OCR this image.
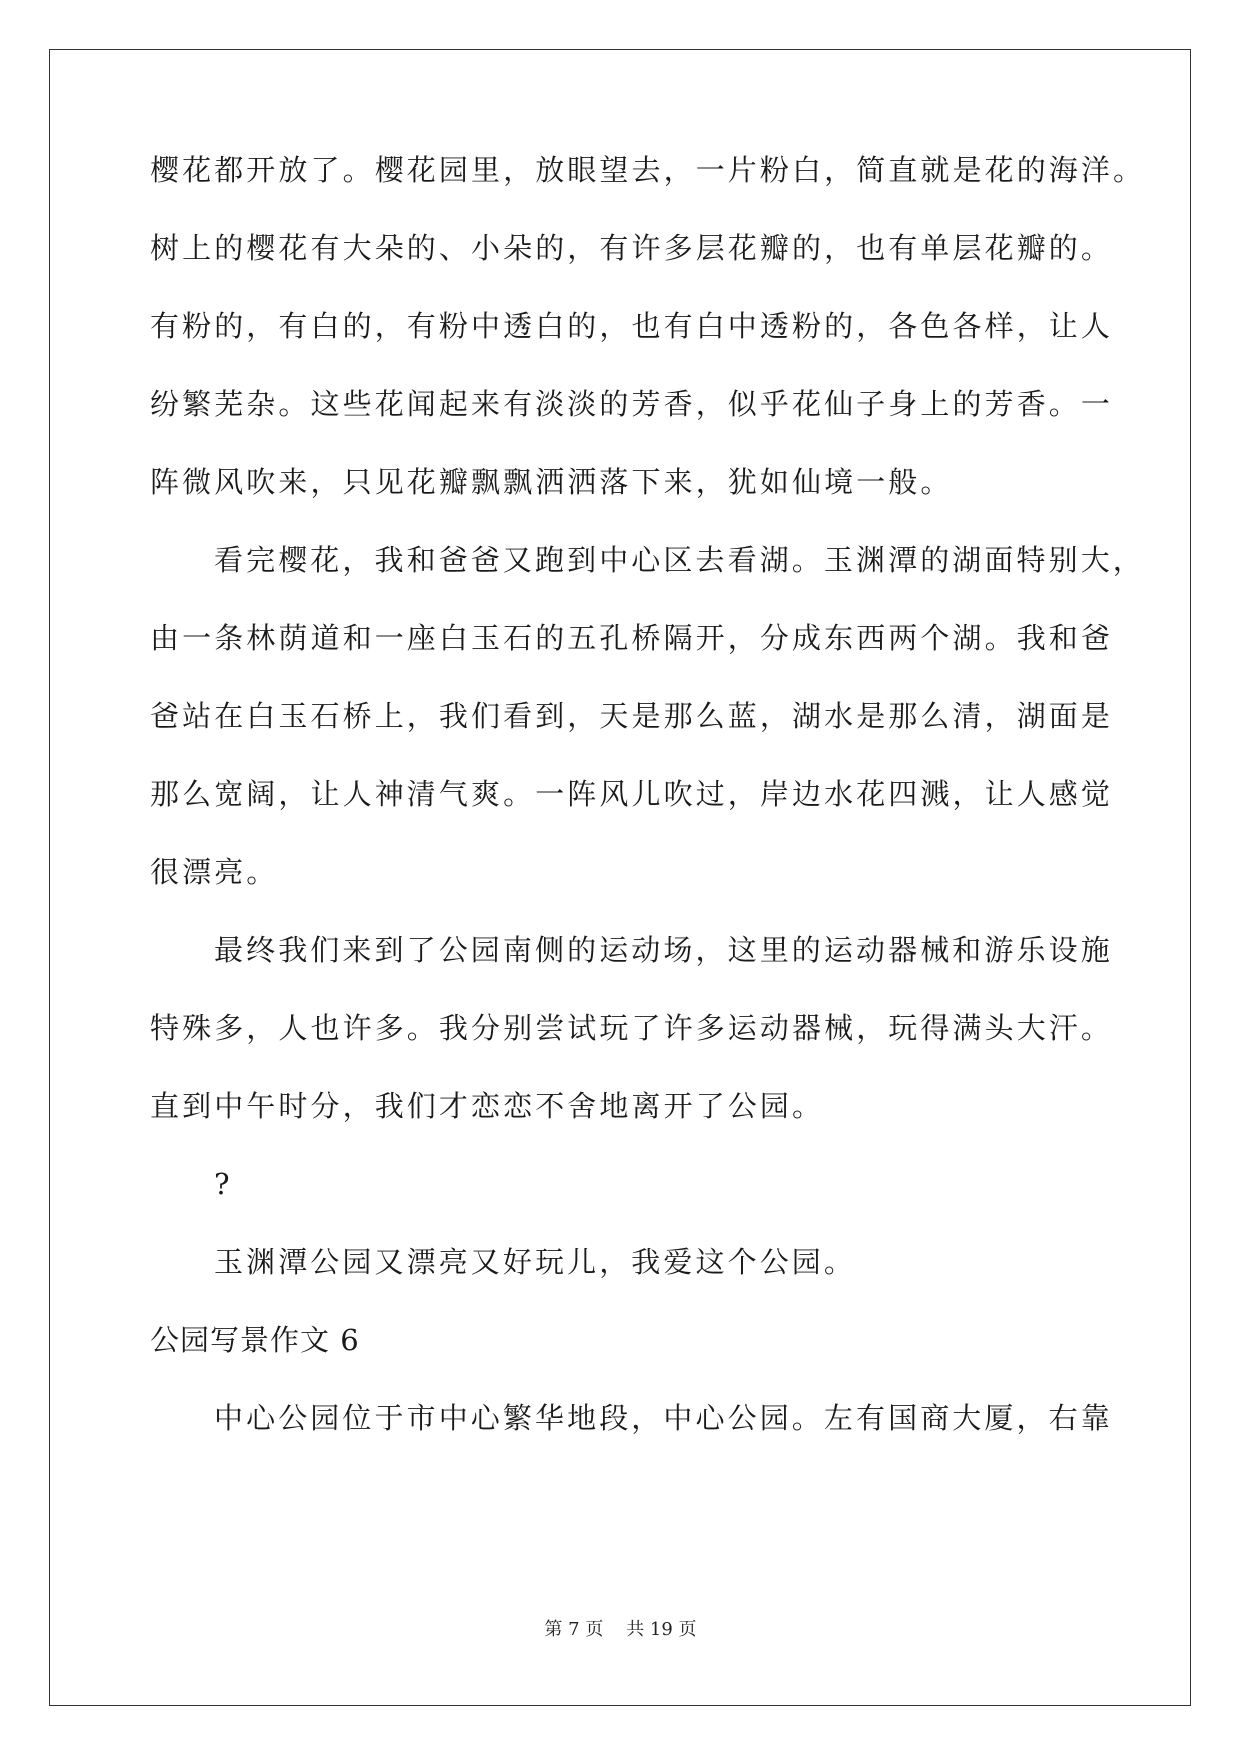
樱花都开放了。樱花园里，放眼望去，一片粉白，简直就是花的海洋。
树上的樱花有大朵的、小朵的，有许多层花瓣的，也有单层花瓣的。
有粉的，有白的，有粉中透白的，也有白中透粉的，各色各样，让人
纷繁芜杂。这些花闻起来有淡淡的芳香，似乎花仙子身上的芳香。一
阵微风吹来，只见花瓣飘飘洒洒落下来，犹如仙境一般。
看完樱花，我和爸爸又跑到中心区去看湖。玉渊潭的湖面特别大，
由一条林荫道和一座白玉石的五孔桥隔开，分成东西两个湖。我和爸
爸站在白玉石桥上，我们看到，天是那么蓝，湖水是那么清，湖面是
那么宽阔，让人神清气爽。一阵风儿吹过，岸边水花四溅，让人感觉
很漂亮。
最终我们来到了公园南侧的运动场，这里的运动器械和游乐设施
特殊多，人也许多。我分别尝试玩了许多运动器械，玩得满头大汗。
直到中午时分，我们才恋恋不舍地离开了公园。
?
玉渊潭公园又漂亮又好玩儿，我爱这个公园。
公园写景作文 6
中心公园位于市中心繁华地段，中心公园。左有国商大厦，右靠
第 7 页    共 19 页
